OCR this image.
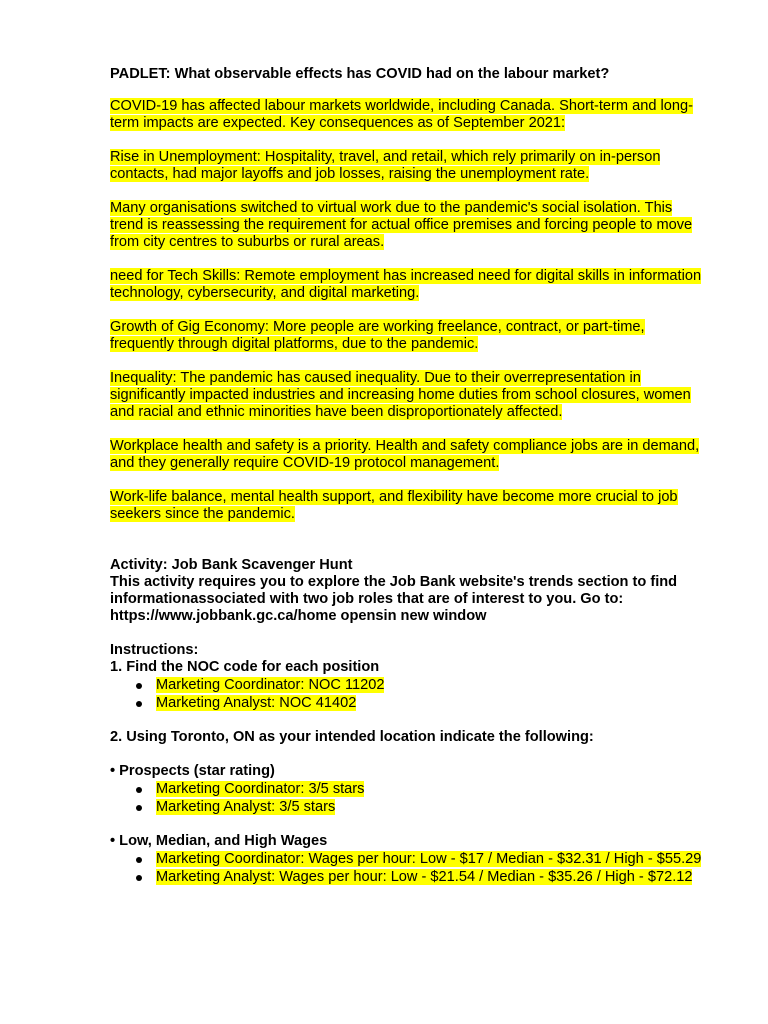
PADLET: What observable effects has COVID had on the labour market?
COVID-19 has affected labour markets worldwide, including Canada. Short-term and long-term impacts are expected. Key consequences as of September 2021:
Rise in Unemployment: Hospitality, travel, and retail, which rely primarily on in-person contacts, had major layoffs and job losses, raising the unemployment rate.
Many organisations switched to virtual work due to the pandemic's social isolation. This trend is reassessing the requirement for actual office premises and forcing people to move from city centres to suburbs or rural areas.
need for Tech Skills: Remote employment has increased need for digital skills in information technology, cybersecurity, and digital marketing.
Growth of Gig Economy: More people are working freelance, contract, or part-time, frequently through digital platforms, due to the pandemic.
Inequality: The pandemic has caused inequality. Due to their overrepresentation in significantly impacted industries and increasing home duties from school closures, women and racial and ethnic minorities have been disproportionately affected.
Workplace health and safety is a priority. Health and safety compliance jobs are in demand, and they generally require COVID-19 protocol management.
Work-life balance, mental health support, and flexibility have become more crucial to job seekers since the pandemic.
Activity: Job Bank Scavenger Hunt
This activity requires you to explore the Job Bank website's trends section to find informationassociated with two job roles that are of interest to you. Go to: https://www.jobbank.gc.ca/home opensin new window
Instructions:
1. Find the NOC code for each position
Marketing Coordinator: NOC 11202
Marketing Analyst: NOC 41402
2. Using Toronto, ON as your intended location indicate the following:
• Prospects (star rating)
Marketing Coordinator: 3/5 stars
Marketing Analyst: 3/5 stars
• Low, Median, and High Wages
Marketing Coordinator: Wages per hour: Low - $17 / Median - $32.31 / High - $55.29
Marketing Analyst: Wages per hour: Low - $21.54 / Median - $35.26 / High - $72.12
